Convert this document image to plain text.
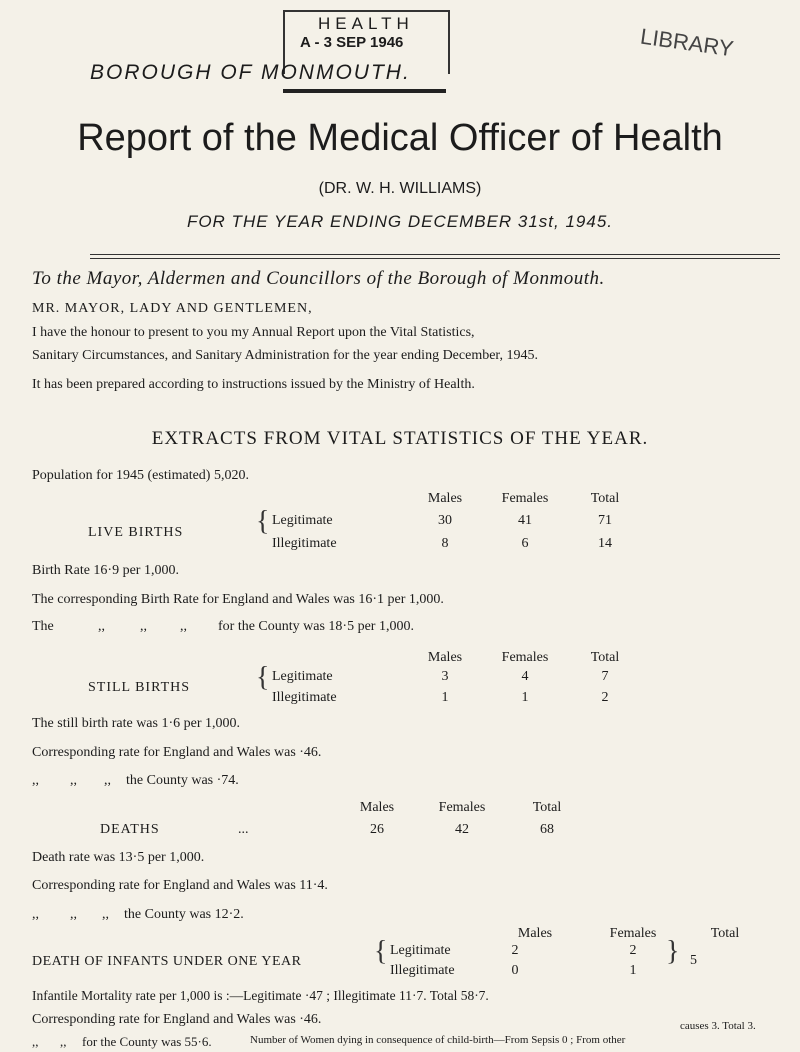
HEALTH
A - 3 SEP 1946
BOROUGH OF MONMOUTH.
LIBRARY
Report of the Medical Officer of Health
(DR. W. H. WILLIAMS)
FOR THE YEAR ENDING DECEMBER 31st, 1945.
To the Mayor, Aldermen and Councillors of the Borough of Monmouth.
MR. MAYOR, LADY AND GENTLEMEN,
I have the honour to present to you my Annual Report upon the Vital Statistics,
Sanitary Circumstances, and Sanitary Administration for the year ending December, 1945.
It has been prepared according to instructions issued by the Ministry of Health.
EXTRACTS FROM VITAL STATISTICS OF THE YEAR.
Population for 1945 (estimated) 5,020.
Males	Females	Total
LIVE BIRTHS	{ Legitimate	30	41	71
Illegitimate	8	6	14
Birth Rate 16·9 per 1,000.
The corresponding Birth Rate for England and Wales was 16·1 per 1,000.
The	,,	,, ,, for the County was 18·5 per 1,000.
Males	Females	Total
STILL BIRTHS { Legitimate	3	4	7
Illegitimate	1	1	2
The still birth rate was 1·6 per 1,000.
Corresponding rate for England and Wales was ·46.
,, ,, ,, the County was ·74.
Males	Females	Total
DEATHS	...	26	42	68
Death rate was 13·5 per 1,000.
Corresponding rate for England and Wales was 11·4.
,, ,, ,, the County was 12·2.
Males	Females	Total
DEATH OF INFANTS UNDER ONE YEAR	{ Legitimate	2	2
Illegitimate	0	1
} 5
Infantile Mortality rate per 1,000 is :—Legitimate ·47 ; Illegitimate 11·7. Total 58·7.
Corresponding rate for England and Wales was ·46.
,, ,, for the County was 55·6.	Number of Women dying in consequence of child-birth—From Sepsis 0 ; From other
causes 3. Total 3.
